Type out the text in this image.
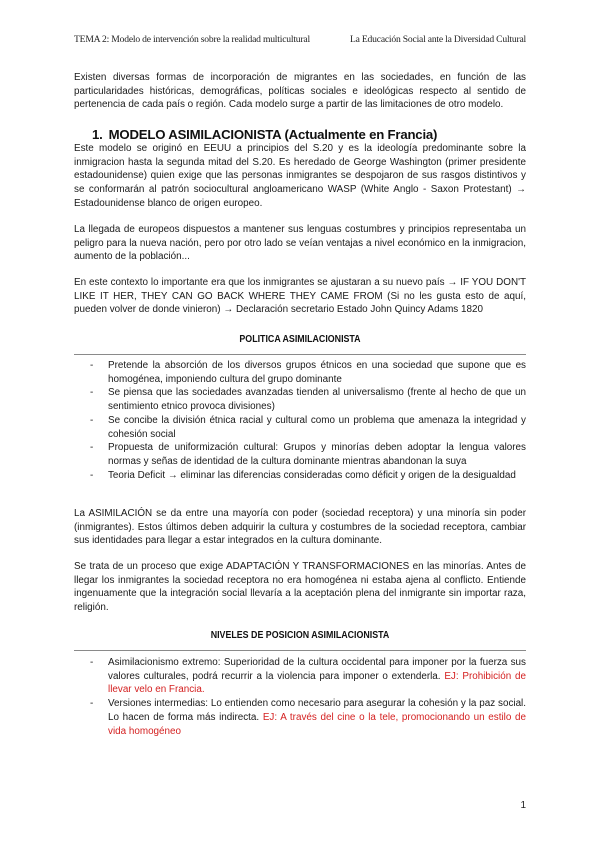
TEMA 2: Modelo de intervención sobre la realidad multicultural	La Educación Social ante la Diversidad Cultural

Existen diversas formas de incorporación de migrantes en las sociedades, en función de las particularidades históricas, demográficas, políticas sociales e ideológicas respecto al sentido de pertenencia de cada país o región. Cada modelo surge a partir de las limitaciones de otro modelo.

1. MODELO ASIMILACIONISTA (Actualmente en Francia)

Este modelo se originó en EEUU a principios del S.20 y es la ideología predominante sobre la inmigracion hasta la segunda mitad del S.20. Es heredado de George Washington (primer presidente estadounidense) quien exige que las personas inmigrantes se despojaron de sus rasgos distintivos y se conformarán al patrón sociocultural angloamericano WASP (White Anglo - Saxon Protestant) → Estadounidense blanco de origen europeo.

La llegada de europeos dispuestos a mantener sus lenguas costumbres y principios representaba un peligro para la nueva nación, pero por otro lado se veían ventajas a nivel económico en la inmigracion, aumento de la población...

En este contexto lo importante era que los inmigrantes se ajustaran a su nuevo país → IF YOU DON'T LIKE IT HER, THEY CAN GO BACK WHERE THEY CAME FROM (Si no les gusta esto de aquí, pueden volver de donde vinieron) → Declaración secretario Estado John Quincy Adams 1820

POLITICA ASIMILACIONISTA
- Pretende la absorción de los diversos grupos étnicos en una sociedad que supone que es homogénea, imponiendo cultura del grupo dominante
- Se piensa que las sociedades avanzadas tienden al universalismo (frente al hecho de que un sentimiento etnico provoca divisiones)
- Se concibe la división étnica racial y cultural como un problema que amenaza la integridad y cohesión social
- Propuesta de uniformización cultural: Grupos y minorías deben adoptar la lengua valores normas y señas de identidad de la cultura dominante mientras abandonan la suya
- Teoria Deficit → eliminar las diferencias consideradas como déficit y origen de la desigualdad

La ASIMILACIÓN se da entre una mayoría con poder (sociedad receptora) y una minoría sin poder (inmigrantes). Estos últimos deben adquirir la cultura y costumbres de la sociedad receptora, cambiar sus identidades para llegar a estar integrados en la cultura dominante.

Se trata de un proceso que exige ADAPTACIÓN Y TRANSFORMACIONES en las minorías. Antes de llegar los inmigrantes la sociedad receptora no era homogénea ni estaba ajena al conflicto. Entiende ingenuamente que la integración social llevaría a la aceptación plena del inmigrante sin importar raza, religión.

NIVELES DE POSICION ASIMILACIONISTA
- Asimilacionismo extremo: Superioridad de la cultura occidental para imponer por la fuerza sus valores culturales, podrá recurrir a la violencia para imponer o extenderla. EJ: Prohibición de llevar velo en Francia.
- Versiones intermedias: Lo entienden como necesario para asegurar la cohesión y la paz social. Lo hacen de forma más indirecta. EJ: A través del cine o la tele, promocionando un estilo de vida homogéneo
1
